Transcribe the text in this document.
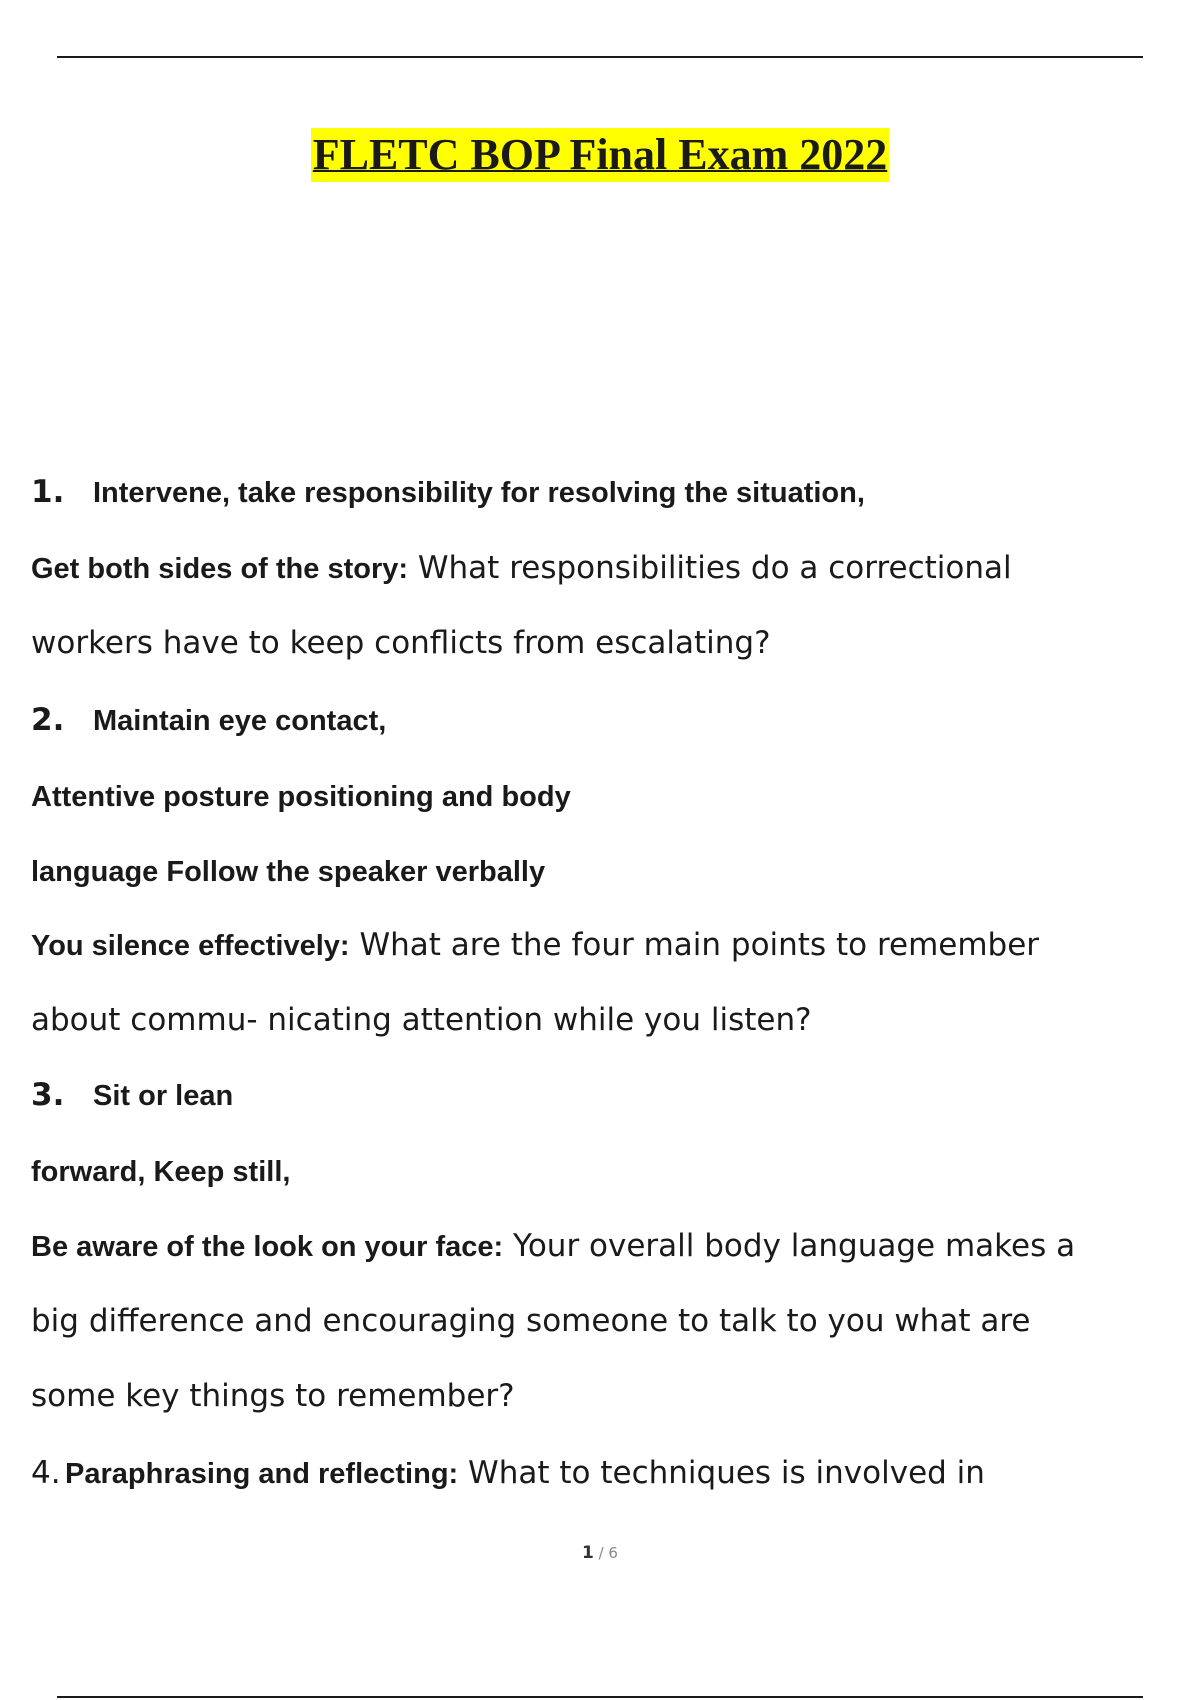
FLETC BOP Final Exam 2022
1. Intervene, take responsibility for resolving the situation,
Get both sides of the story: What responsibilities do a correctional
workers have to keep conflicts from escalating?
2. Maintain eye contact,
Attentive posture positioning and body
language Follow the speaker verbally
You silence effectively: What are the four main points to remember
about commu- nicating attention while you listen?
3. Sit or lean
forward, Keep still,
Be aware of the look on your face: Your overall body language makes a
big difference and encouraging someone to talk to you what are
some key things to remember?
4. Paraphrasing and reflecting: What to techniques is involved in
1 / 6
